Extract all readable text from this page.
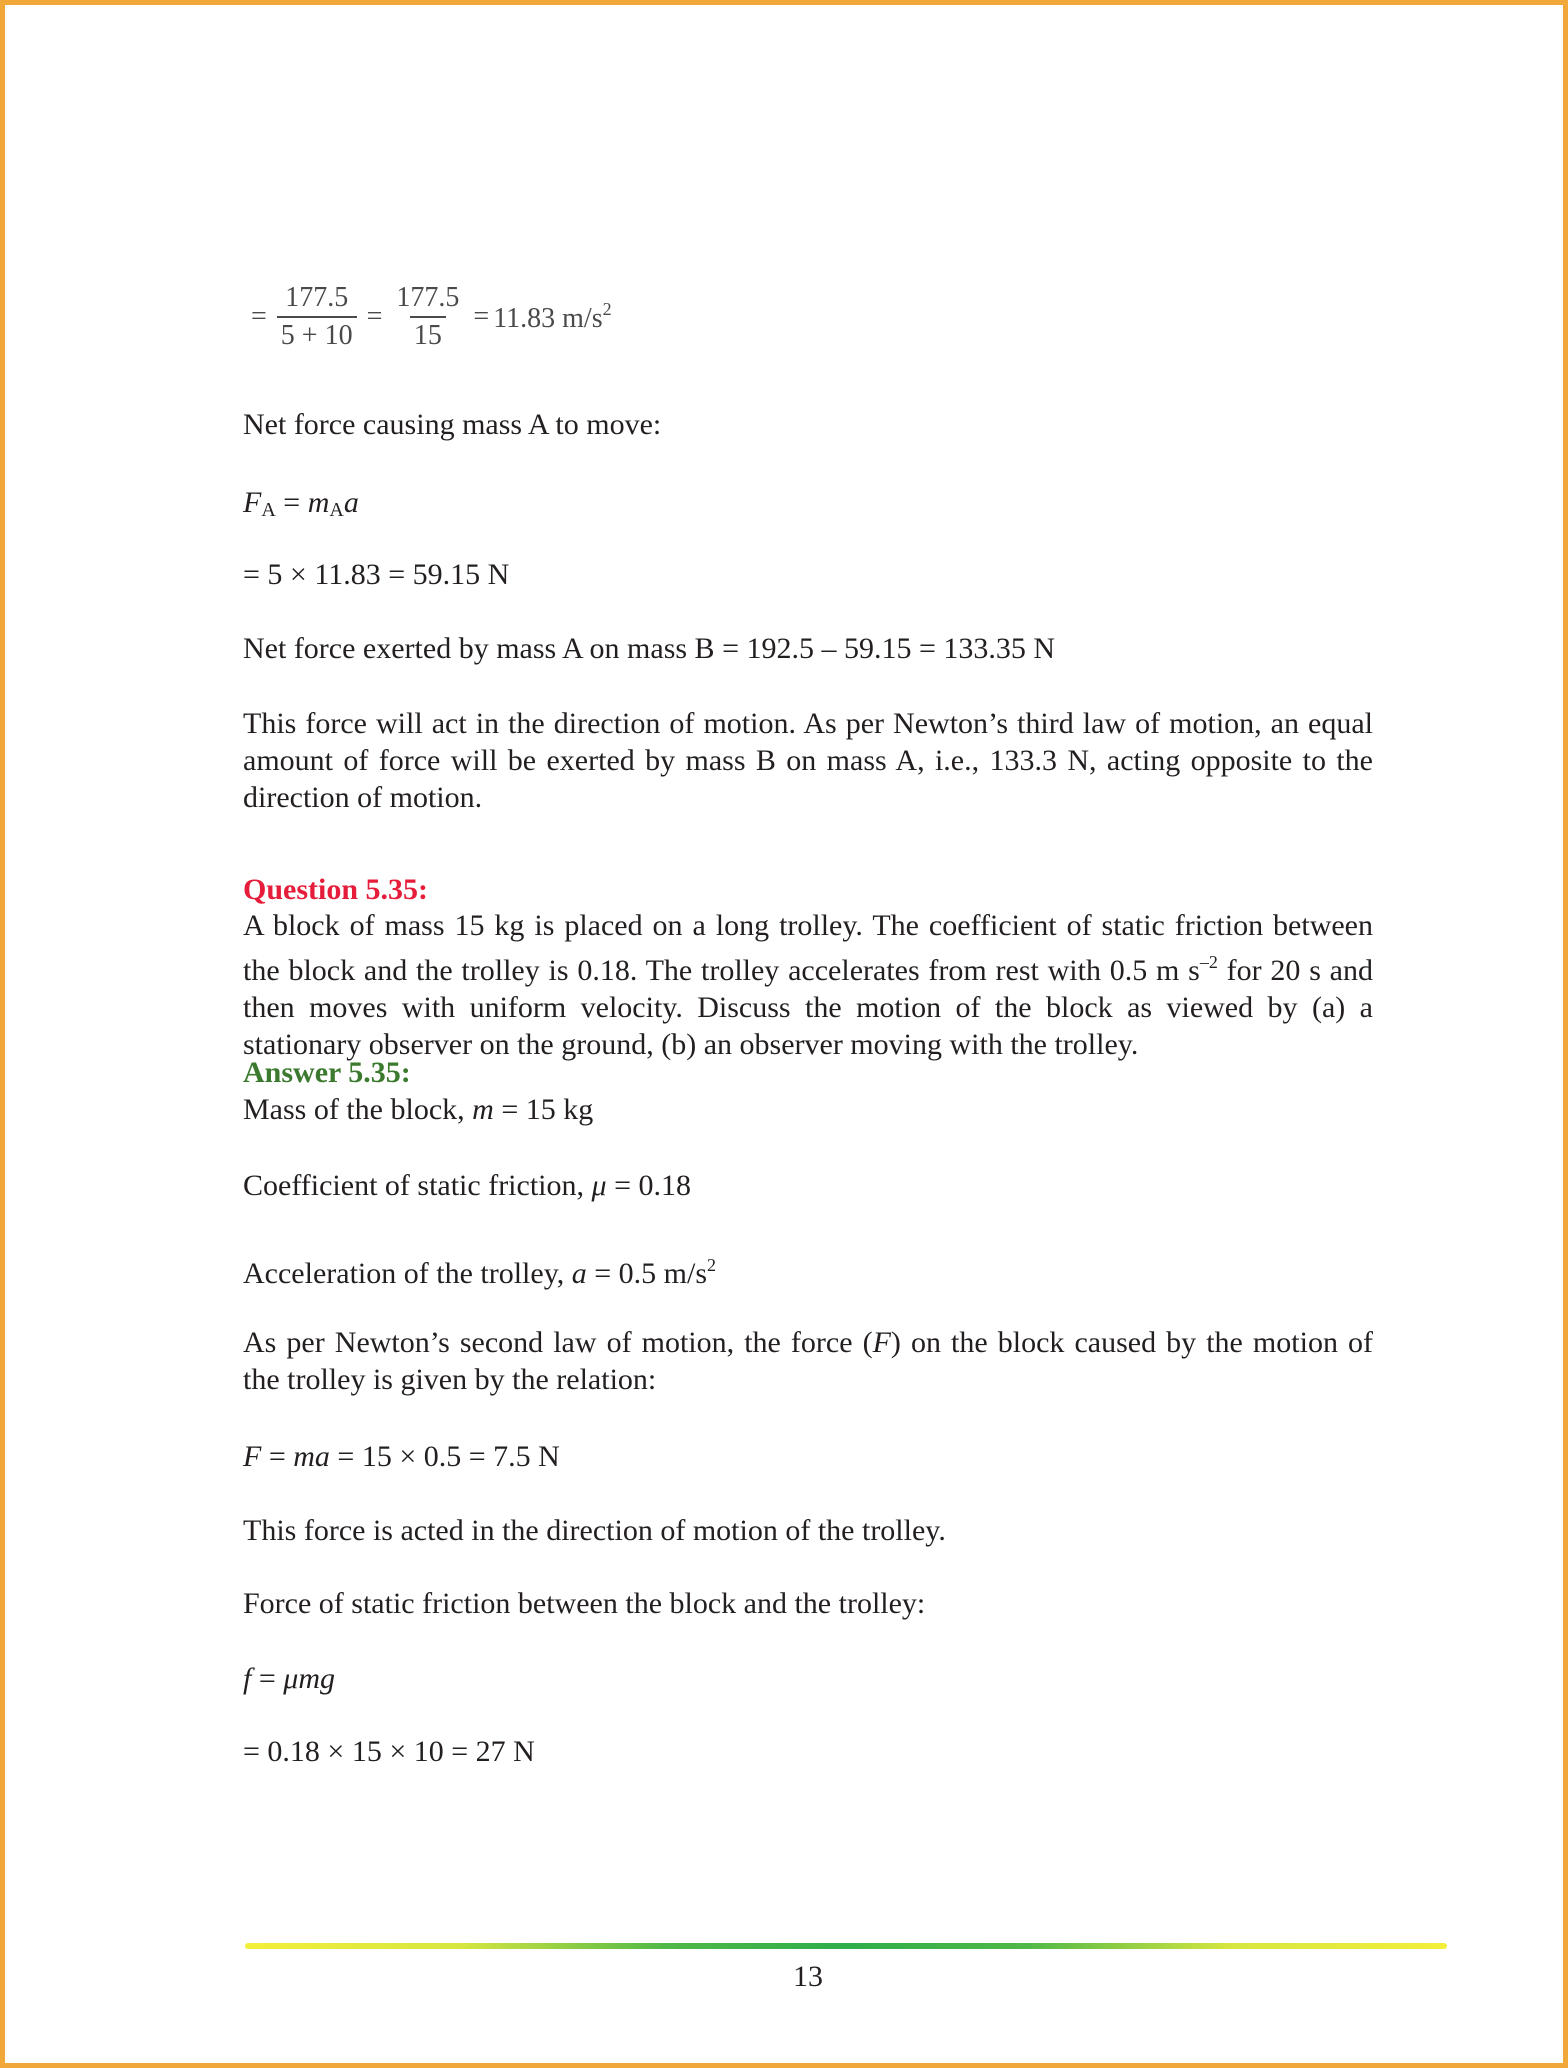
= $\frac{177.5}{5 + 10} = \frac{177.5}{15} = 11.83$ $m/s^2$
Net force causing mass A to move:
$F_A = m_Aa$
= 5 × 11.83 = 59.15 N
Net force exerted by mass A on mass B = 192.5 – 59.15 = 133.35 N
This force will act in the direction of motion. As per Newton’s third law of motion, an equal amount of force will be exerted by mass B on mass A, i.e., 133.3 N, acting opposite to the direction of motion.
Question 5.35:
A block of mass 15 kg is placed on a long trolley. The coefficient of static friction between the block and the trolley is 0.18. The trolley accelerates from rest with 0.5 m $s^{-2}$ for 20 s and then moves with uniform velocity. Discuss the motion of the block as viewed by (a) a stationary observer on the ground, (b) an observer moving with the trolley.
Answer 5.35:
Mass of the block, m = 15 kg
Coefficient of static friction, μ = 0.18
Acceleration of the trolley, a = 0.5 $m/s^2$
As per Newton’s second law of motion, the force (F) on the block caused by the motion of the trolley is given by the relation:
F = ma = 15 × 0.5 = 7.5 N
This force is acted in the direction of motion of the trolley.
Force of static friction between the block and the trolley:
f = μmg
= 0.18 × 15 × 10 = 27 N
13
